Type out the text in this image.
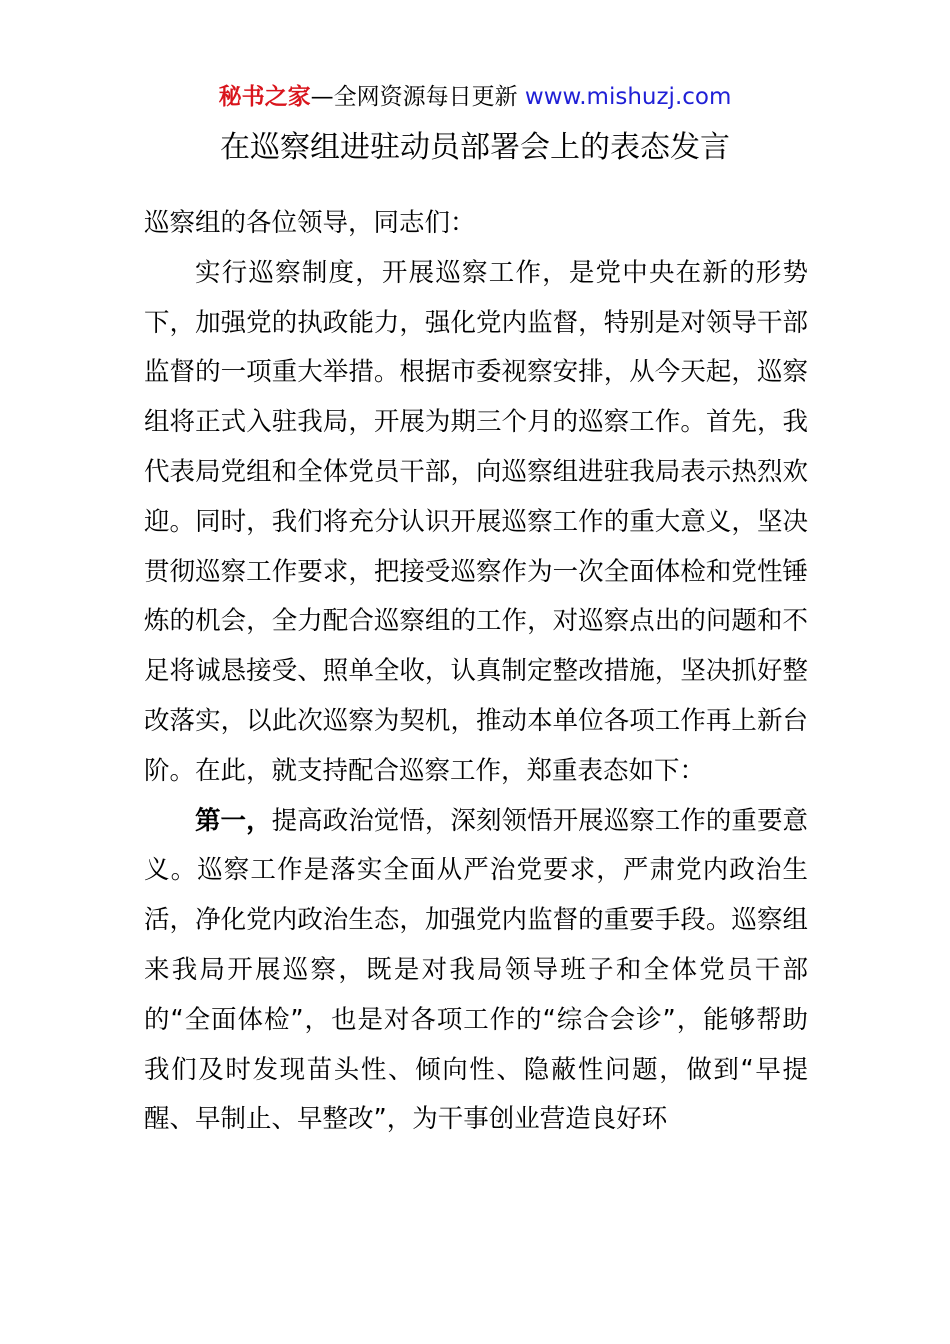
秘书之家—全网资源每日更新 www.mishuzj.com
在巡察组进驻动员部署会上的表态发言

巡察组的各位领导，同志们：

实行巡察制度，开展巡察工作，是党中央在新的形势下，加强党的执政能力，强化党内监督，特别是对领导干部监督的一项重大举措。根据市委视察安排，从今天起，巡察组将正式入驻我局，开展为期三个月的巡察工作。首先，我代表局党组和全体党员干部，向巡察组进驻我局表示热烈欢迎。同时，我们将充分认识开展巡察工作的重大意义，坚决贯彻巡察工作要求，把接受巡察作为一次全面体检和党性锤炼的机会，全力配合巡察组的工作，对巡察点出的问题和不足将诚恳接受、照单全收，认真制定整改措施，坚决抓好整改落实，以此次巡察为契机，推动本单位各项工作再上新台阶。在此，就支持配合巡察工作，郑重表态如下：

第一，提高政治觉悟，深刻领悟开展巡察工作的重要意义。巡察工作是落实全面从严治党要求，严肃党内政治生活，净化党内政治生态，加强党内监督的重要手段。巡察组来我局开展巡察，既是对我局领导班子和全体党员干部的“全面体检”，也是对各项工作的“综合会诊”，能够帮助我们及时发现苗头性、倾向性、隐蔽性问题，做到“早提醒、早制止、早整改”，为干事创业营造良好环
